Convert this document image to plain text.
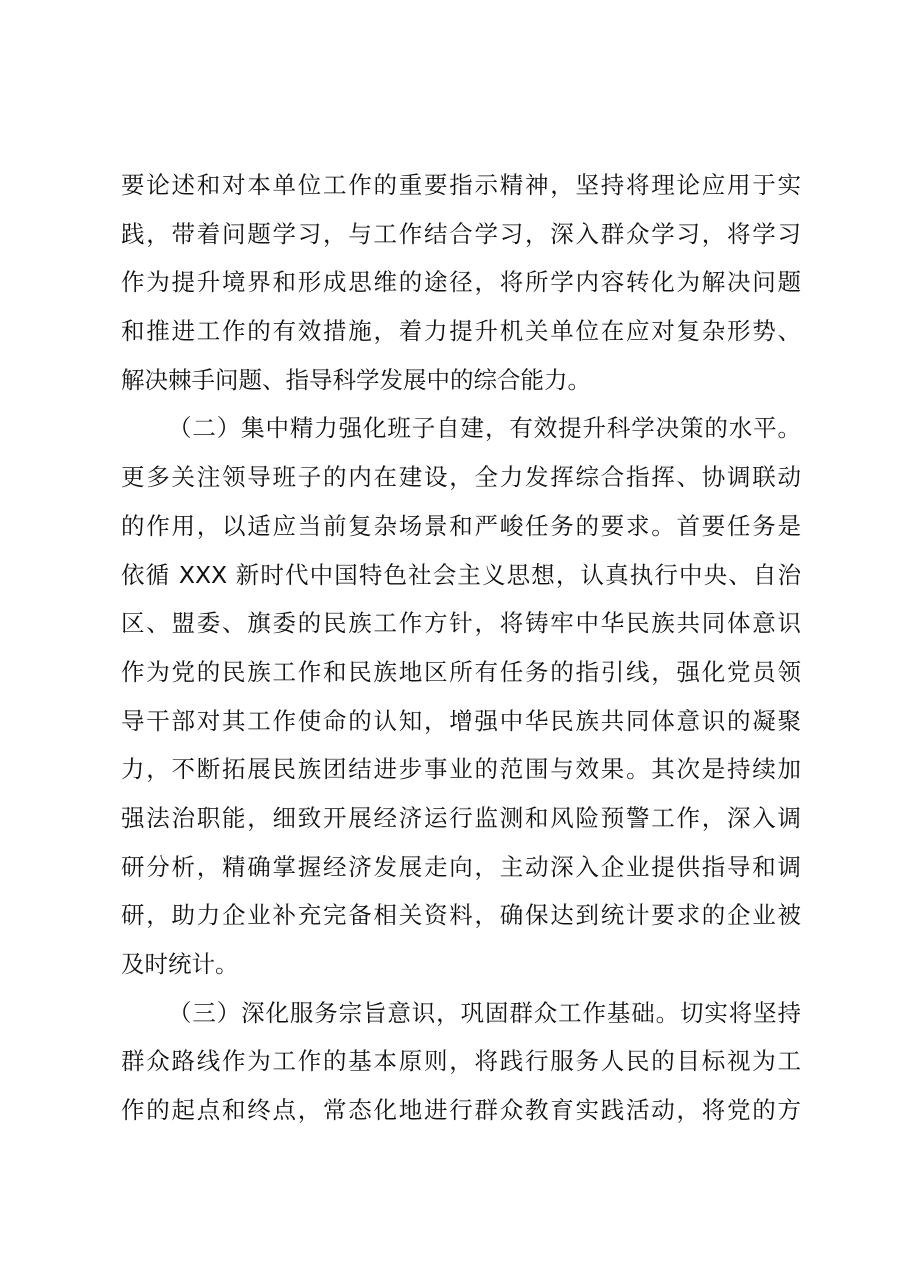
要论述和对本单位工作的重要指示精神，坚持将理论应用于实
践，带着问题学习，与工作结合学习，深入群众学习，将学习
作为提升境界和形成思维的途径，将所学内容转化为解决问题
和推进工作的有效措施，着力提升机关单位在应对复杂形势、
解决棘手问题、指导科学发展中的综合能力。
（二）集中精力强化班子自建，有效提升科学决策的水平。
更多关注领导班子的内在建设，全力发挥综合指挥、协调联动
的作用，以适应当前复杂场景和严峻任务的要求。首要任务是
依循 XXX 新时代中国特色社会主义思想，认真执行中央、自治
区、盟委、旗委的民族工作方针，将铸牢中华民族共同体意识
作为党的民族工作和民族地区所有任务的指引线，强化党员领
导干部对其工作使命的认知，增强中华民族共同体意识的凝聚
力，不断拓展民族团结进步事业的范围与效果。其次是持续加
强法治职能，细致开展经济运行监测和风险预警工作，深入调
研分析，精确掌握经济发展走向，主动深入企业提供指导和调
研，助力企业补充完备相关资料，确保达到统计要求的企业被
及时统计。
（三）深化服务宗旨意识，巩固群众工作基础。切实将坚持
群众路线作为工作的基本原则，将践行服务人民的目标视为工
作的起点和终点，常态化地进行群众教育实践活动，将党的方
